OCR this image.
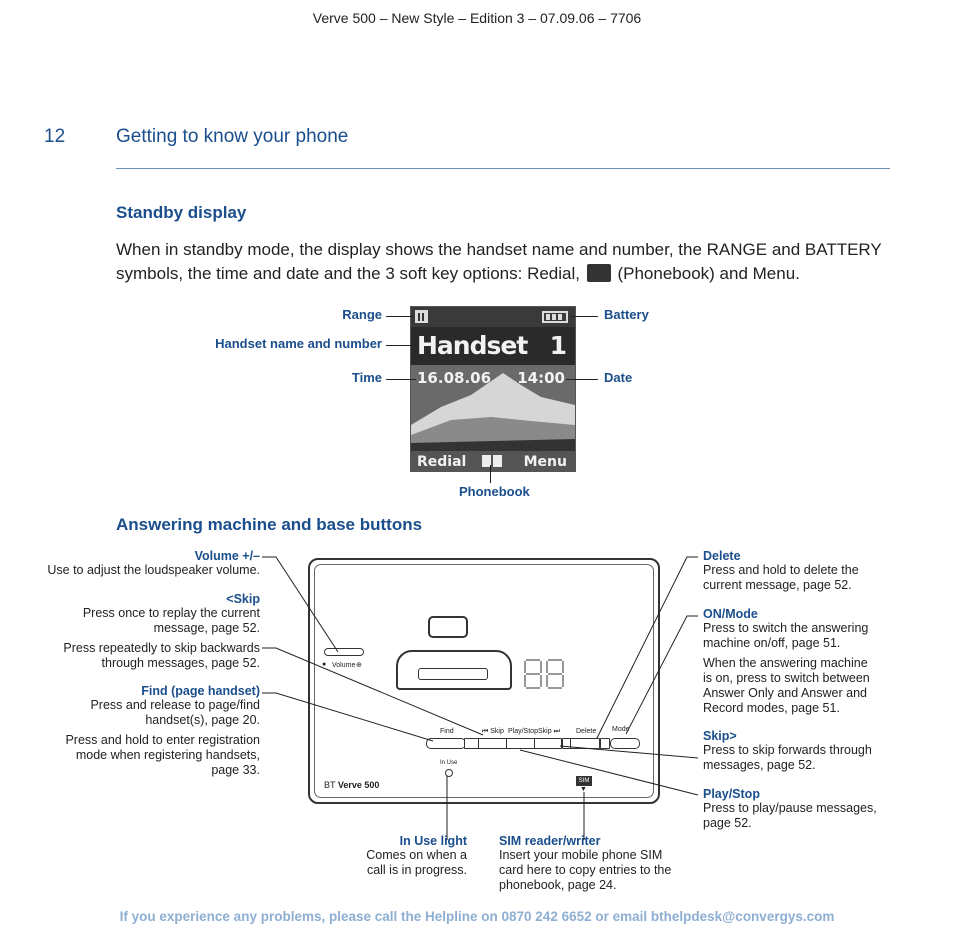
Verve 500 – New Style – Edition 3 – 07.09.06 – 7706
12	Getting to know your phone
Standby display
When in standby mode, the display shows the handset name and number, the RANGE and BATTERY symbols, the time and date and the 3 soft key options: Redial, (Phonebook) and Menu.
Handset 1
16.08.06 14:00
Redial	Menu
Range
Handset name and number
Time
Battery
Date
Phonebook
Answering machine and base buttons
● Volume ⊕
Find	⏮ Skip Play/Stop Skip ⏭ Delete Mode
In Use
BT Verve 500	SIM
▼
Volume +/–
Use to adjust the loudspeaker volume.
<Skip
Press once to replay the current message, page 52.
Press repeatedly to skip backwards through messages, page 52.
Find (page handset)
Press and release to page/find handset(s), page 20.
Press and hold to enter registration mode when registering handsets, page 33.
Delete
Press and hold to delete the current message, page 52.
ON/Mode
Press to switch the answering machine on/off, page 51.
When the answering machine is on, press to switch between Answer Only and Answer and Record modes, page 51.
Skip>
Press to skip forwards through messages, page 52.
Play/Stop
Press to play/pause messages, page 52.
In Use light
Comes on when a call is in progress.
SIM reader/writer
Insert your mobile phone SIM card here to copy entries to the phonebook, page 24.
If you experience any problems, please call the Helpline on 0870 242 6652 or email bthelpdesk@convergys.com
